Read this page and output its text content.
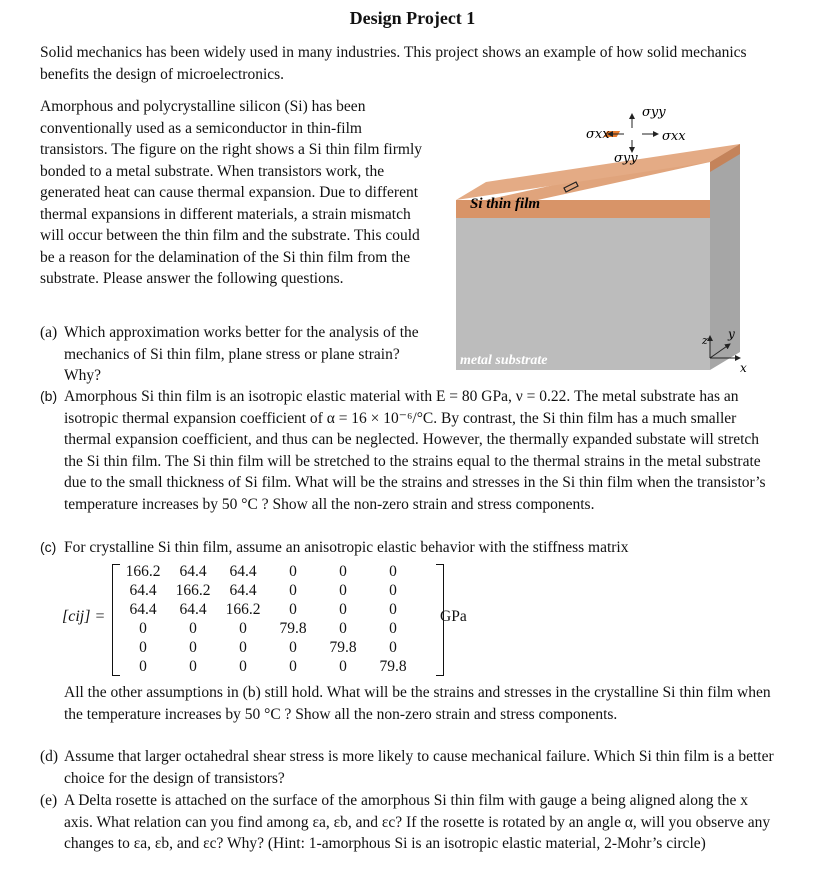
Design Project 1
Solid mechanics has been widely used in many industries. This project shows an example of how solid mechanics benefits the design of microelectronics.
Amorphous and polycrystalline silicon (Si) has been conventionally used as a semiconductor in thin-film transistors. The figure on the right shows a Si thin film firmly bonded to a metal substrate. When transistors work, the generated heat can cause thermal expansion. Due to different thermal expansions in different materials, a strain mismatch will occur between the thin film and the substrate. This could be a reason for the delamination of the Si thin film from the substrate. Please answer the following questions.
σyy
σxx
σxx
σyy
Si thin film
metal substrate
z y
x
(a) Which approximation works better for the analysis of the mechanics of Si thin film, plane stress or plane strain? Why?
(b) Amorphous Si thin film is an isotropic elastic material with E = 80 GPa, ν = 0.22. The metal substrate has an isotropic thermal expansion coefficient of α = 16 × 10⁻⁶/°C. By contrast, the Si thin film has a much smaller thermal expansion coefficient, and thus can be neglected. However, the thermally expanded substate will stretch the Si thin film. The Si thin film will be stretched to the strains equal to the thermal strains in the metal substrate due to the small thickness of Si film. What will be the strains and stresses in the Si thin film when the transistor’s temperature increases by 50 °C ? Show all the non-zero strain and stress components.
(c) For crystalline Si thin film, assume an anisotropic elastic behavior with the stiffness matrix
[cij] =
166.2	64.4	64.4	0	0	0
64.4	166.2	64.4	0	0	0
64.4	64.4	166.2	0	0	0
0	0	0	79.8	0	0
0	0	0	0	79.8	0
0	0	0	0	0	79.8
GPa
All the other assumptions in (b) still hold. What will be the strains and stresses in the crystalline Si thin film when the temperature increases by 50 °C ? Show all the non-zero strain and stress components.
(d) Assume that larger octahedral shear stress is more likely to cause mechanical failure. Which Si thin film is a better choice for the design of transistors?
(e) A Delta rosette is attached on the surface of the amorphous Si thin film with gauge a being aligned along the x axis. What relation can you find among εa, εb, and εc? If the rosette is rotated by an angle α, will you observe any changes to εa, εb, and εc? Why? (Hint: 1-amorphous Si is an isotropic elastic material, 2-Mohr’s circle)
